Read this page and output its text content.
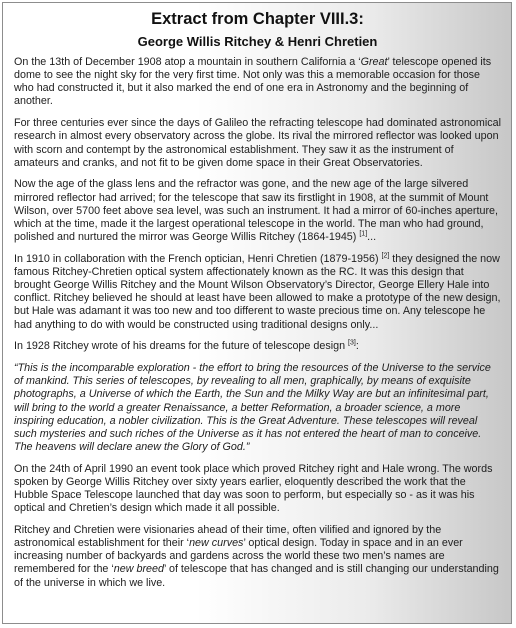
Extract from Chapter VIII.3:
George Willis Ritchey & Henri Chretien

On the 13th of December 1908 atop a mountain in southern California a ‘Great’ telescope opened its dome to see the night sky for the very first time. Not only was this a memorable occasion for those who had constructed it, but it also marked the end of one era in Astronomy and the beginning of another.

For three centuries ever since the days of Galileo the refracting telescope had dominated astronomical research in almost every observatory across the globe. Its rival the mirrored reflector was looked upon with scorn and contempt by the astronomical establishment. They saw it as the instrument of amateurs and cranks, and not fit to be given dome space in their Great Observatories.

Now the age of the glass lens and the refractor was gone, and the new age of the large silvered mirrored reflector had arrived; for the telescope that saw its firstlight in 1908, at the summit of Mount Wilson, over 5700 feet above sea level, was such an instrument. It had a mirror of 60-inches aperture, which at the time, made it the largest operational telescope in the world. The man who had ground, polished and nurtured the mirror was George Willis Ritchey (1864-1945) [1]...

In 1910 in collaboration with the French optician, Henri Chretien (1879-1956) [2] they designed the now famous Ritchey-Chretien optical system affectionately known as the RC. It was this design that brought George Willis Ritchey and the Mount Wilson Observatory’s Director, George Ellery Hale into conflict. Ritchey believed he should at least have been allowed to make a prototype of the new design, but Hale was adamant it was too new and too different to waste precious time on. Any telescope he had anything to do with would be constructed using traditional designs only...

In 1928 Ritchey wrote of his dreams for the future of telescope design [3]:

“This is the incomparable exploration - the effort to bring the resources of the Universe to the service of mankind. This series of telescopes, by revealing to all men, graphically, by means of exquisite photographs, a Universe of which the Earth, the Sun and the Milky Way are but an infinitesimal part, will bring to the world a greater Renaissance, a better Reformation, a broader science, a more inspiring education, a nobler civilization. This is the Great Adventure. These telescopes will reveal such mysteries and such riches of the Universe as it has not entered the heart of man to conceive. The heavens will declare anew the Glory of God.”

On the 24th of April 1990 an event took place which proved Ritchey right and Hale wrong. The words spoken by George Willis Ritchey over sixty years earlier, eloquently described the work that the Hubble Space Telescope launched that day was soon to perform, but especially so - as it was his optical and Chretien’s design which made it all possible.

Ritchey and Chretien were visionaries ahead of their time, often vilified and ignored by the astronomical establishment for their ‘new curves’ optical design. Today in space and in an ever increasing number of backyards and gardens across the world these two men’s names are remembered for the ‘new breed’ of telescope that has changed and is still changing our understanding of the universe in which we live.
